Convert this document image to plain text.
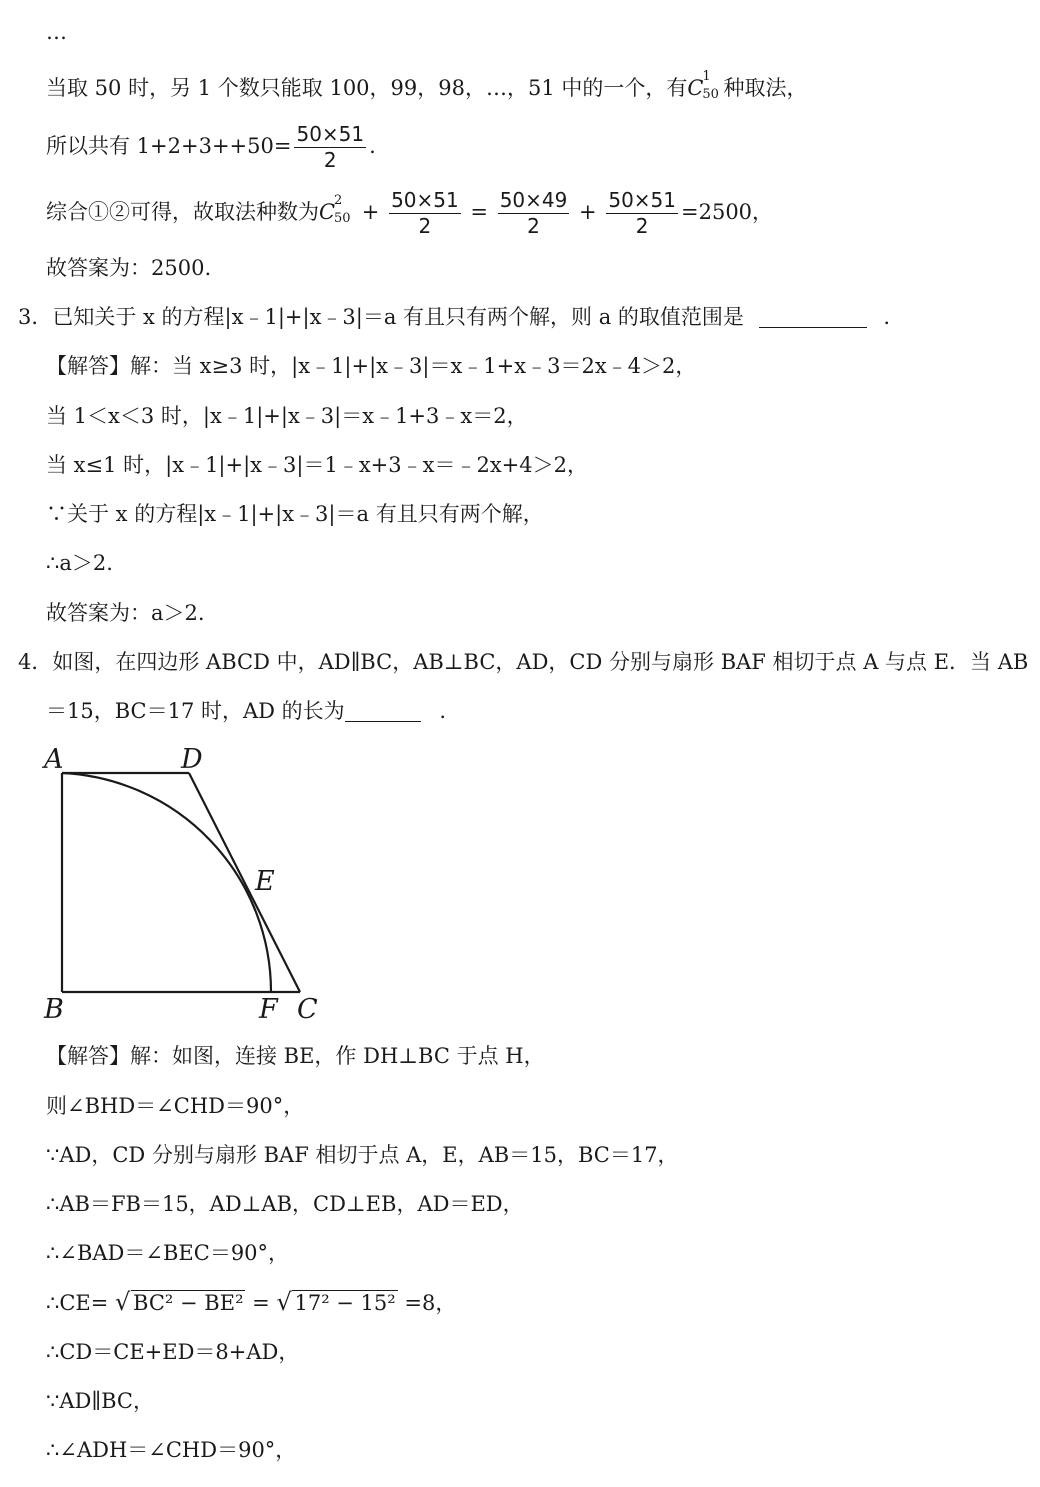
…
当取 50 时，另 1 个数只能取 100，99，98，…，51 中的一个，有C
1
50 种取法，
所以共有 $1+2+3++50= \frac{50\times 51}{2}$ .
综合①②可得，故取法种数为C
2
$50 + \frac{50\times 51}{2} = \frac{50\times 49}{2} + \frac{50\times 51}{2} =2500$，
故答案为：2500.
3．已知关于 x 的方程|x﹣1|+|x﹣3|＝a 有且只有两个解，则 a 的取值范围是	.
【解答】解：当 x≥3 时，|x﹣1|+|x﹣3|＝x﹣1+x﹣3＝2x﹣4＞2，
当 1＜x＜3 时，|x﹣1|+|x﹣3|＝x﹣1+3﹣x＝2，
当 x≤1 时，|x﹣1|+|x﹣3|＝1﹣x+3﹣x＝﹣2x+4＞2，
∵关于 x 的方程|x﹣1|+|x﹣3|＝a 有且只有两个解，
∴a＞2.
故答案为：a＞2.
4．如图，在四边形 ABCD 中，AD∥BC，AB⊥BC，AD，CD 分别与扇形 BAF 相切于点 A 与点 E．当 AB
＝15，BC＝17 时，AD 的长为	.
A	D
E
B	F C
【解答】解：如图，连接 BE，作 DH⊥BC 于点 H，
则∠BHD＝∠CHD＝90°，
∵AD，CD 分别与扇形 BAF 相切于点 A，E，AB＝15，BC＝17，
∴AB＝FB＝15，AD⊥AB，CD⊥EB，AD＝ED，
∴∠BAD＝∠BEC＝90°，
∴CE= √ BC² − BE² = √ 17² − 15² =8，
∴CD＝CE+ED＝8+AD，
∵AD∥BC，
∴∠ADH＝∠CHD＝90°，
